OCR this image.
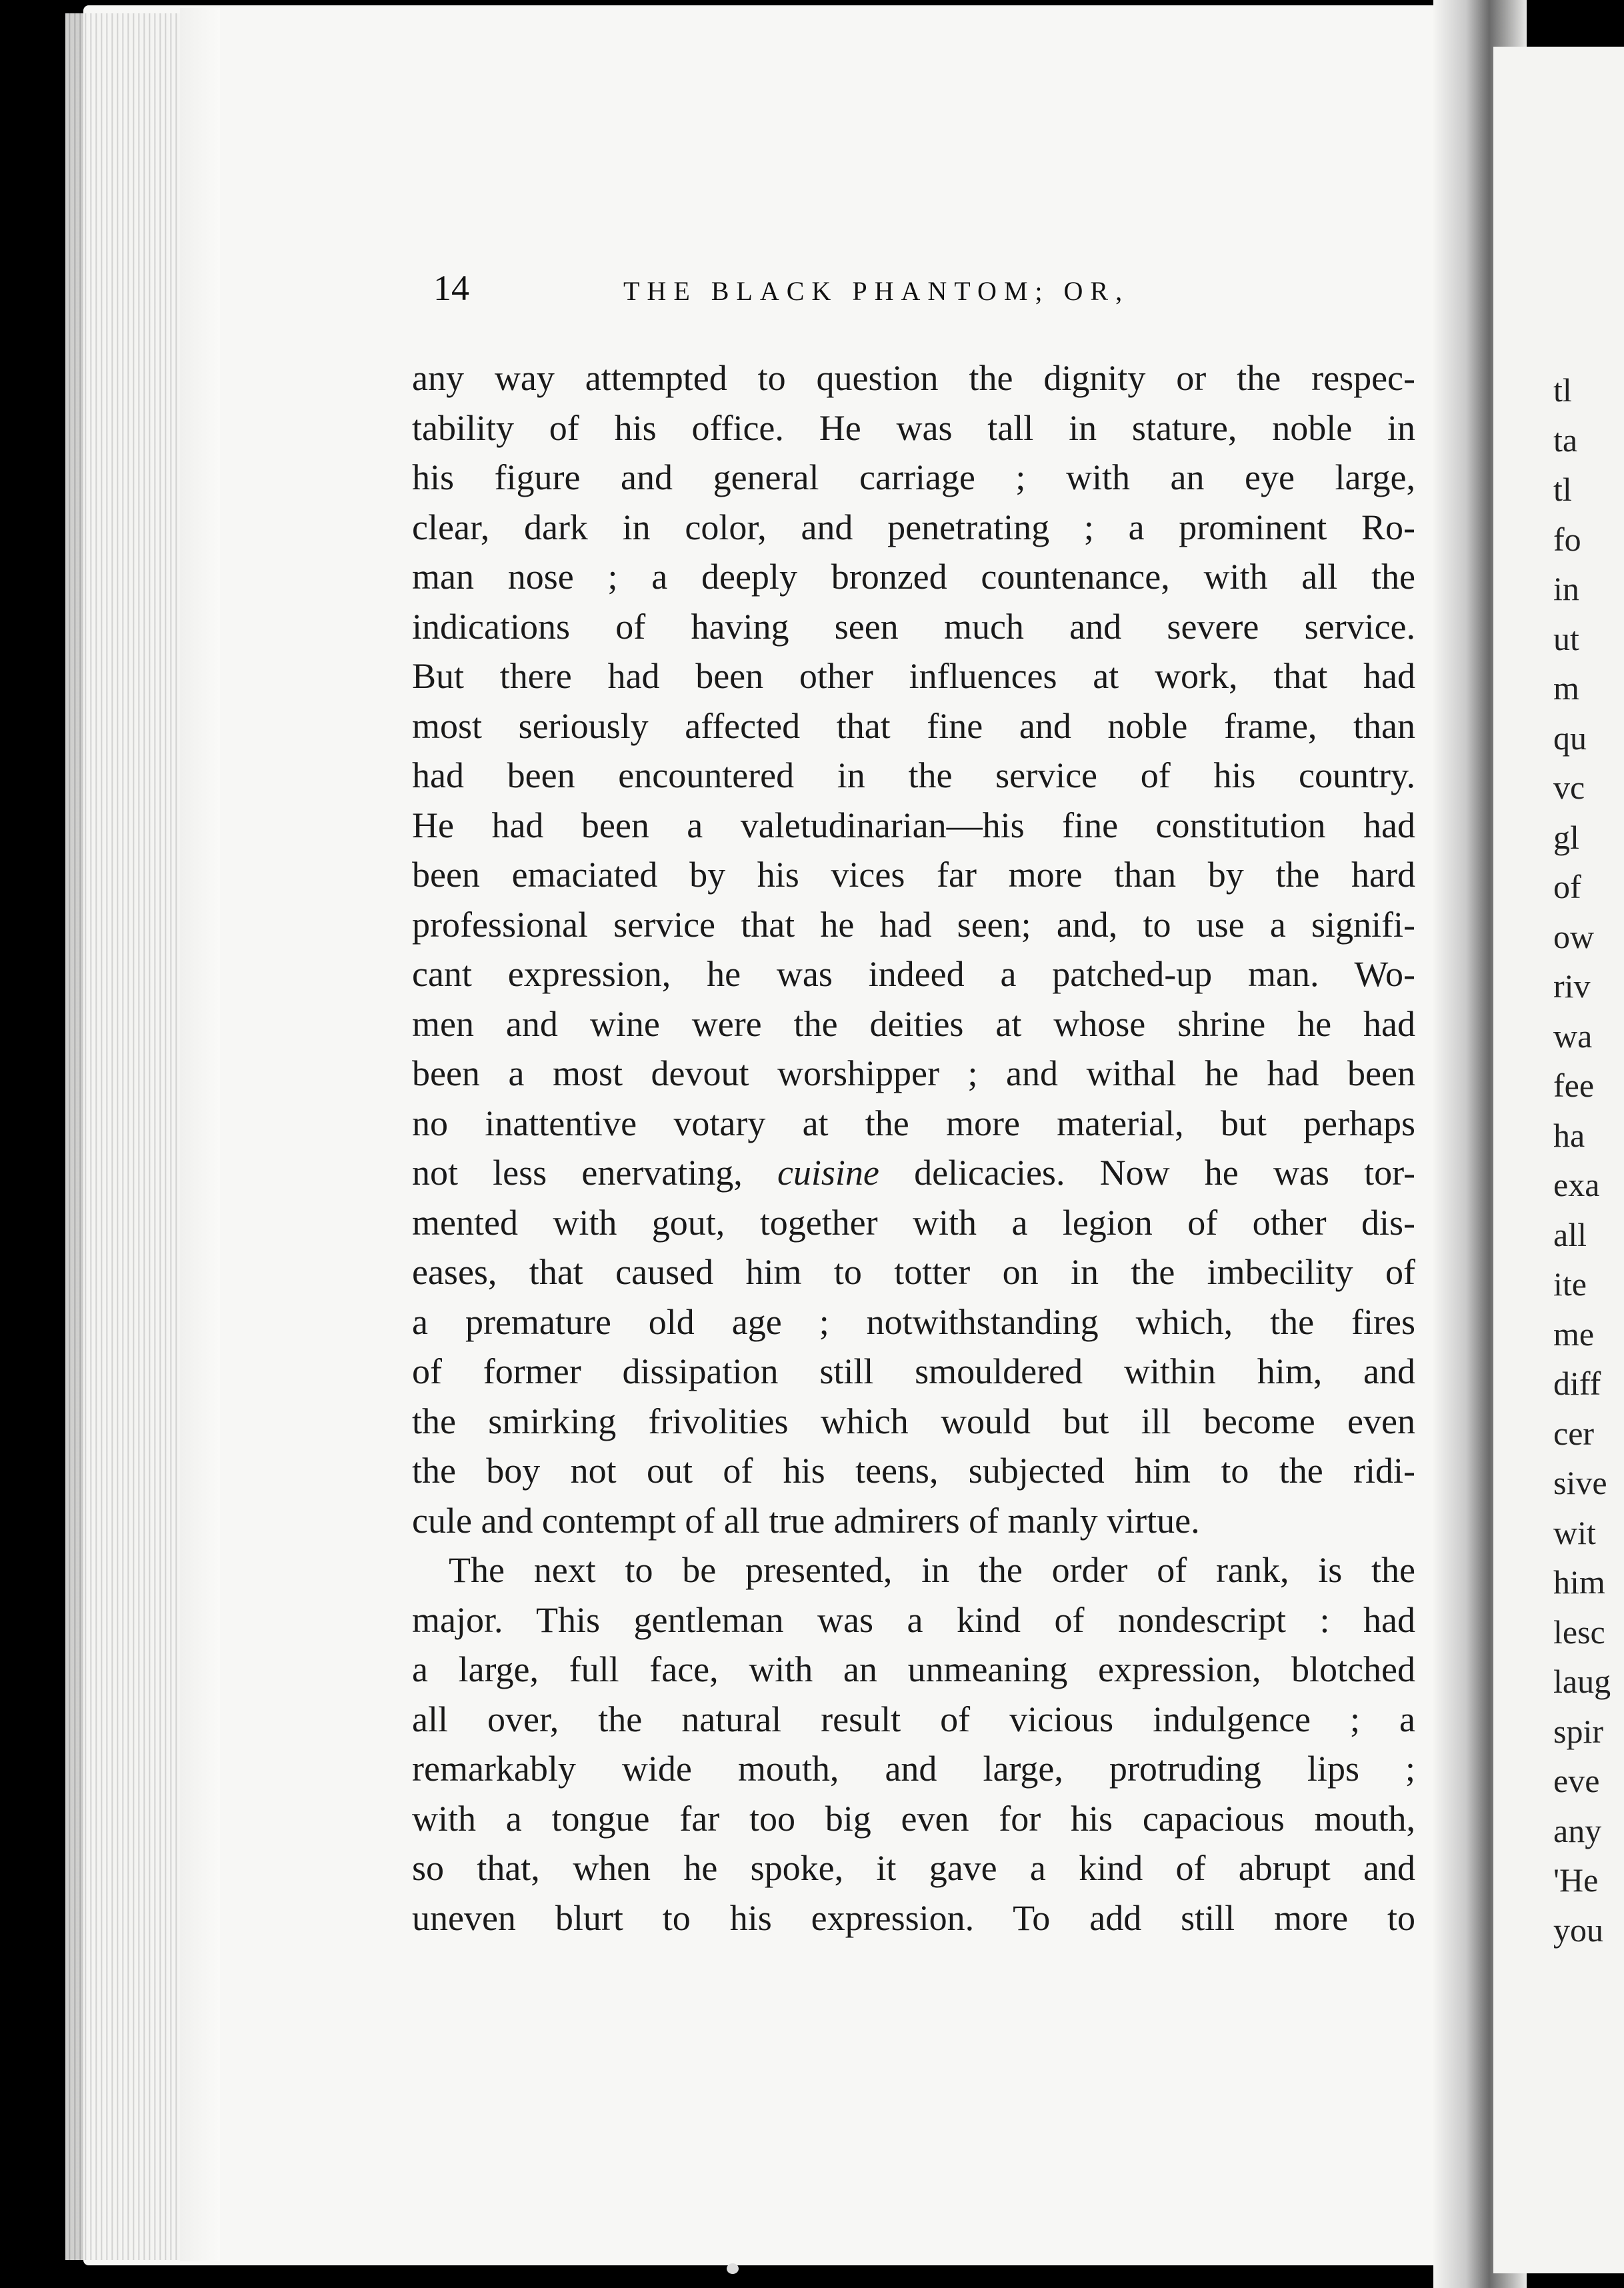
14	THE BLACK PHANTOM; OR,
any way attempted to question the dignity or the respec-
tability of his office. He was tall in stature, noble in
his figure and general carriage ; with an eye large,
clear, dark in color, and penetrating ; a prominent Ro-
man nose ; a deeply bronzed countenance, with all the
indications of having seen much and severe service.
But there had been other influences at work, that had
most seriously affected that fine and noble frame, than
had been encountered in the service of his country.
He had been a valetudinarian—his fine constitution had
been emaciated by his vices far more than by the hard
professional service that he had seen; and, to use a signifi-
cant expression, he was indeed a patched-up man. Wo-
men and wine were the deities at whose shrine he had
been a most devout worshipper ; and withal he had been
no inattentive votary at the more material, but perhaps
not less enervating, cuisine delicacies. Now he was tor-
mented with gout, together with a legion of other dis-
eases, that caused him to totter on in the imbecility of
a premature old age ; notwithstanding which, the fires
of former dissipation still smouldered within him, and
the smirking frivolities which would but ill become even
the boy not out of his teens, subjected him to the ridi-
cule and contempt of all true admirers of manly virtue.
The next to be presented, in the order of rank, is the
major. This gentleman was a kind of nondescript : had
a large, full face, with an unmeaning expression, blotched
all over, the natural result of vicious indulgence ; a
remarkably wide mouth, and large, protruding lips ;
with a tongue far too big even for his capacious mouth,
so that, when he spoke, it gave a kind of abrupt and
uneven blurt to his expression. To add still more to
tl
ta
tl
fo
in
ut
m
qu
vc
gl
of
ow
riv
wa
fee
ha
exa
all
ite
me
diff
cer
sive
wit
him
lesc
laug
spir
eve
any
'He
you
